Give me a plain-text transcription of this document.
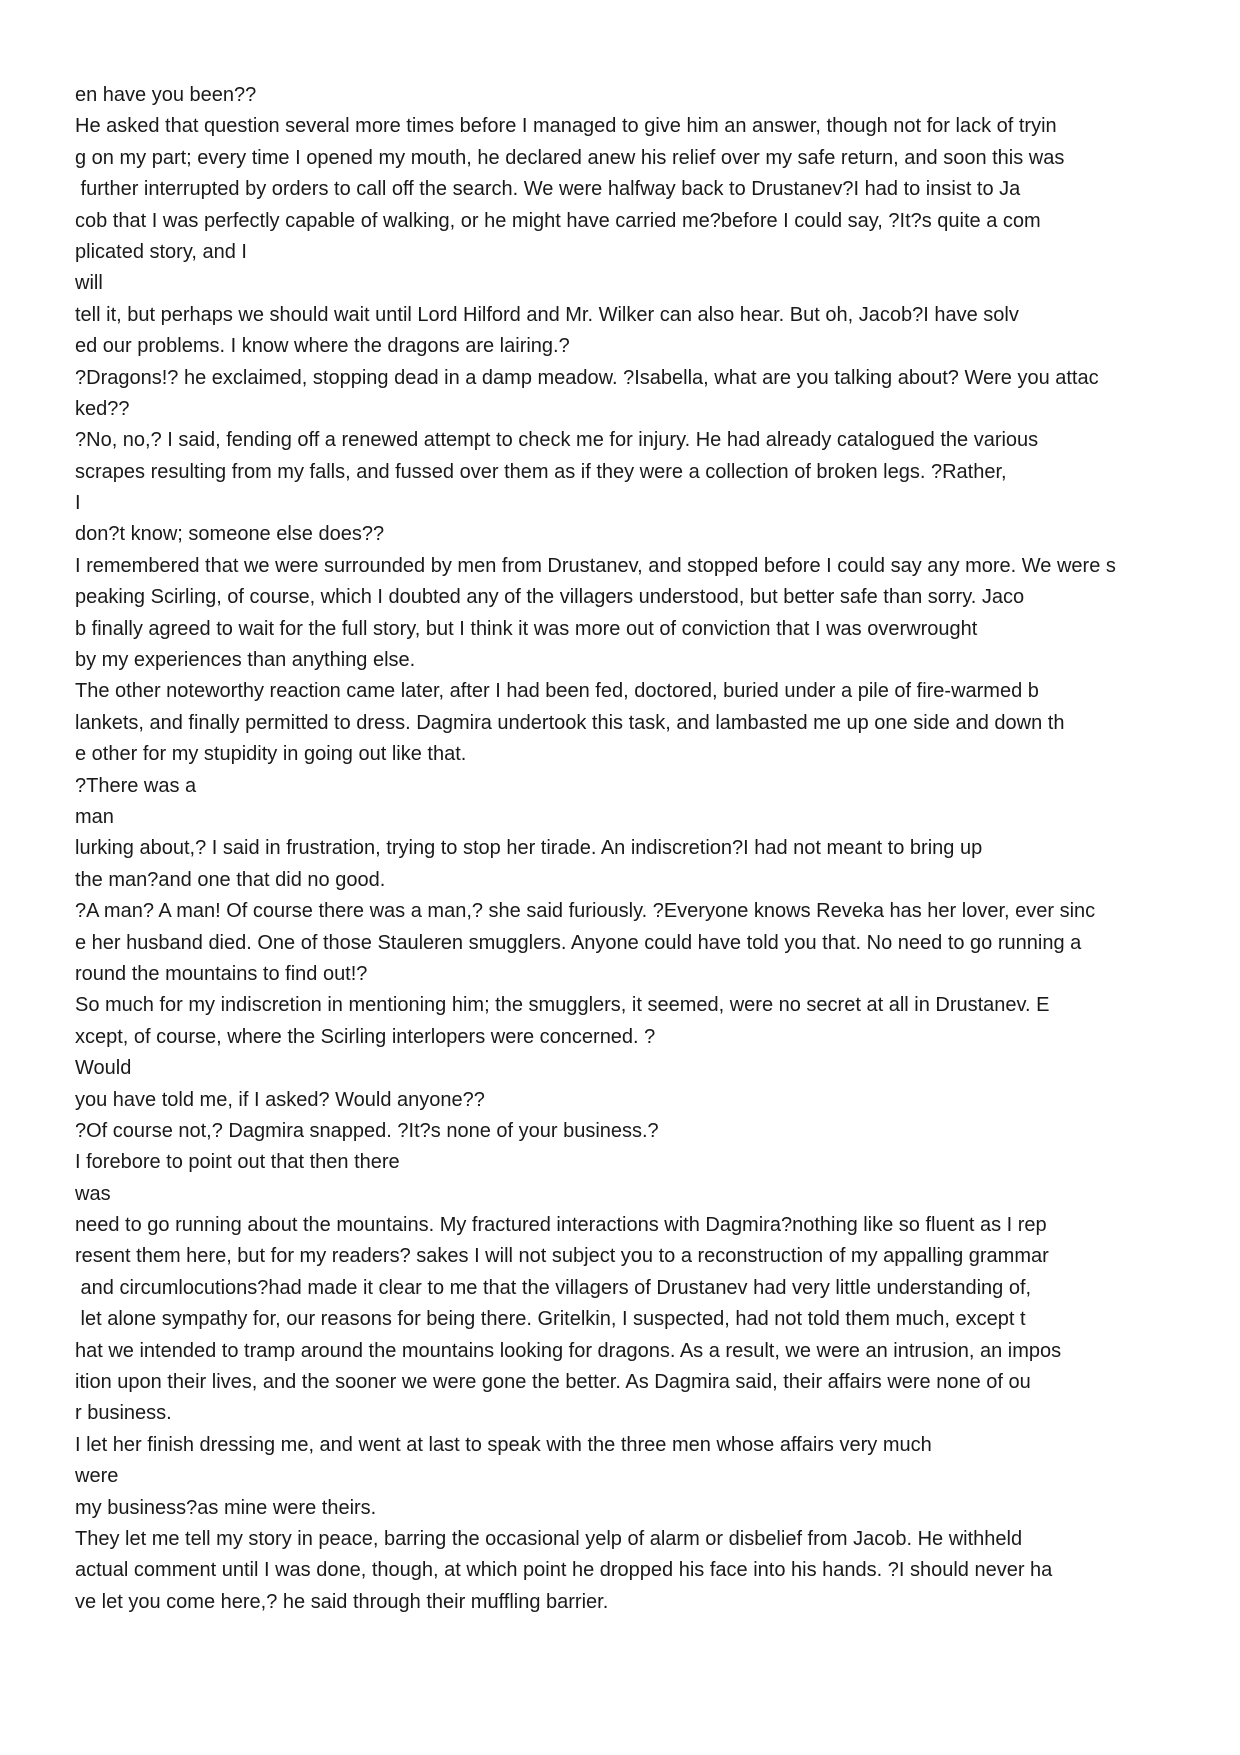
en have you been??
He asked that question several more times before I managed to give him an answer, though not for lack of tryin
g on my part; every time I opened my mouth, he declared anew his relief over my safe return, and soon this was
further interrupted by orders to call off the search. We were halfway back to Drustanev?I had to insist to Ja
cob that I was perfectly capable of walking, or he might have carried me?before I could say, ?It?s quite a com
plicated story, and I
will
tell it, but perhaps we should wait until Lord Hilford and Mr. Wilker can also hear. But oh, Jacob?I have solv
ed our problems. I know where the dragons are lairing.?
?Dragons!? he exclaimed, stopping dead in a damp meadow. ?Isabella, what are you talking about? Were you attac
ked??
?No, no,? I said, fending off a renewed attempt to check me for injury. He had already catalogued the various
scrapes resulting from my falls, and fussed over them as if they were a collection of broken legs. ?Rather,
I
don?t know; someone else does??
I remembered that we were surrounded by men from Drustanev, and stopped before I could say any more. We were s
peaking Scirling, of course, which I doubted any of the villagers understood, but better safe than sorry. Jaco
b finally agreed to wait for the full story, but I think it was more out of conviction that I was overwrought
by my experiences than anything else.
The other noteworthy reaction came later, after I had been fed, doctored, buried under a pile of fire-warmed b
lankets, and finally permitted to dress. Dagmira undertook this task, and lambasted me up one side and down th
e other for my stupidity in going out like that.
?There was a
man
lurking about,? I said in frustration, trying to stop her tirade. An indiscretion?I had not meant to bring up
the man?and one that did no good.
?A man? A man! Of course there was a man,? she said furiously. ?Everyone knows Reveka has her lover, ever sinc
e her husband died. One of those Stauleren smugglers. Anyone could have told you that. No need to go running a
round the mountains to find out!?
So much for my indiscretion in mentioning him; the smugglers, it seemed, were no secret at all in Drustanev. E
xcept, of course, where the Scirling interlopers were concerned. ?
Would
you have told me, if I asked? Would anyone??
?Of course not,? Dagmira snapped. ?It?s none of your business.?
I forebore to point out that then there
was
need to go running about the mountains. My fractured interactions with Dagmira?nothing like so fluent as I rep
resent them here, but for my readers? sakes I will not subject you to a reconstruction of my appalling grammar
and circumlocutions?had made it clear to me that the villagers of Drustanev had very little understanding of,
let alone sympathy for, our reasons for being there. Gritelkin, I suspected, had not told them much, except t
hat we intended to tramp around the mountains looking for dragons. As a result, we were an intrusion, an impos
ition upon their lives, and the sooner we were gone the better. As Dagmira said, their affairs were none of ou
r business.
I let her finish dressing me, and went at last to speak with the three men whose affairs very much
were
my business?as mine were theirs.
They let me tell my story in peace, barring the occasional yelp of alarm or disbelief from Jacob. He withheld
actual comment until I was done, though, at which point he dropped his face into his hands. ?I should never ha
ve let you come here,? he said through their muffling barrier.
